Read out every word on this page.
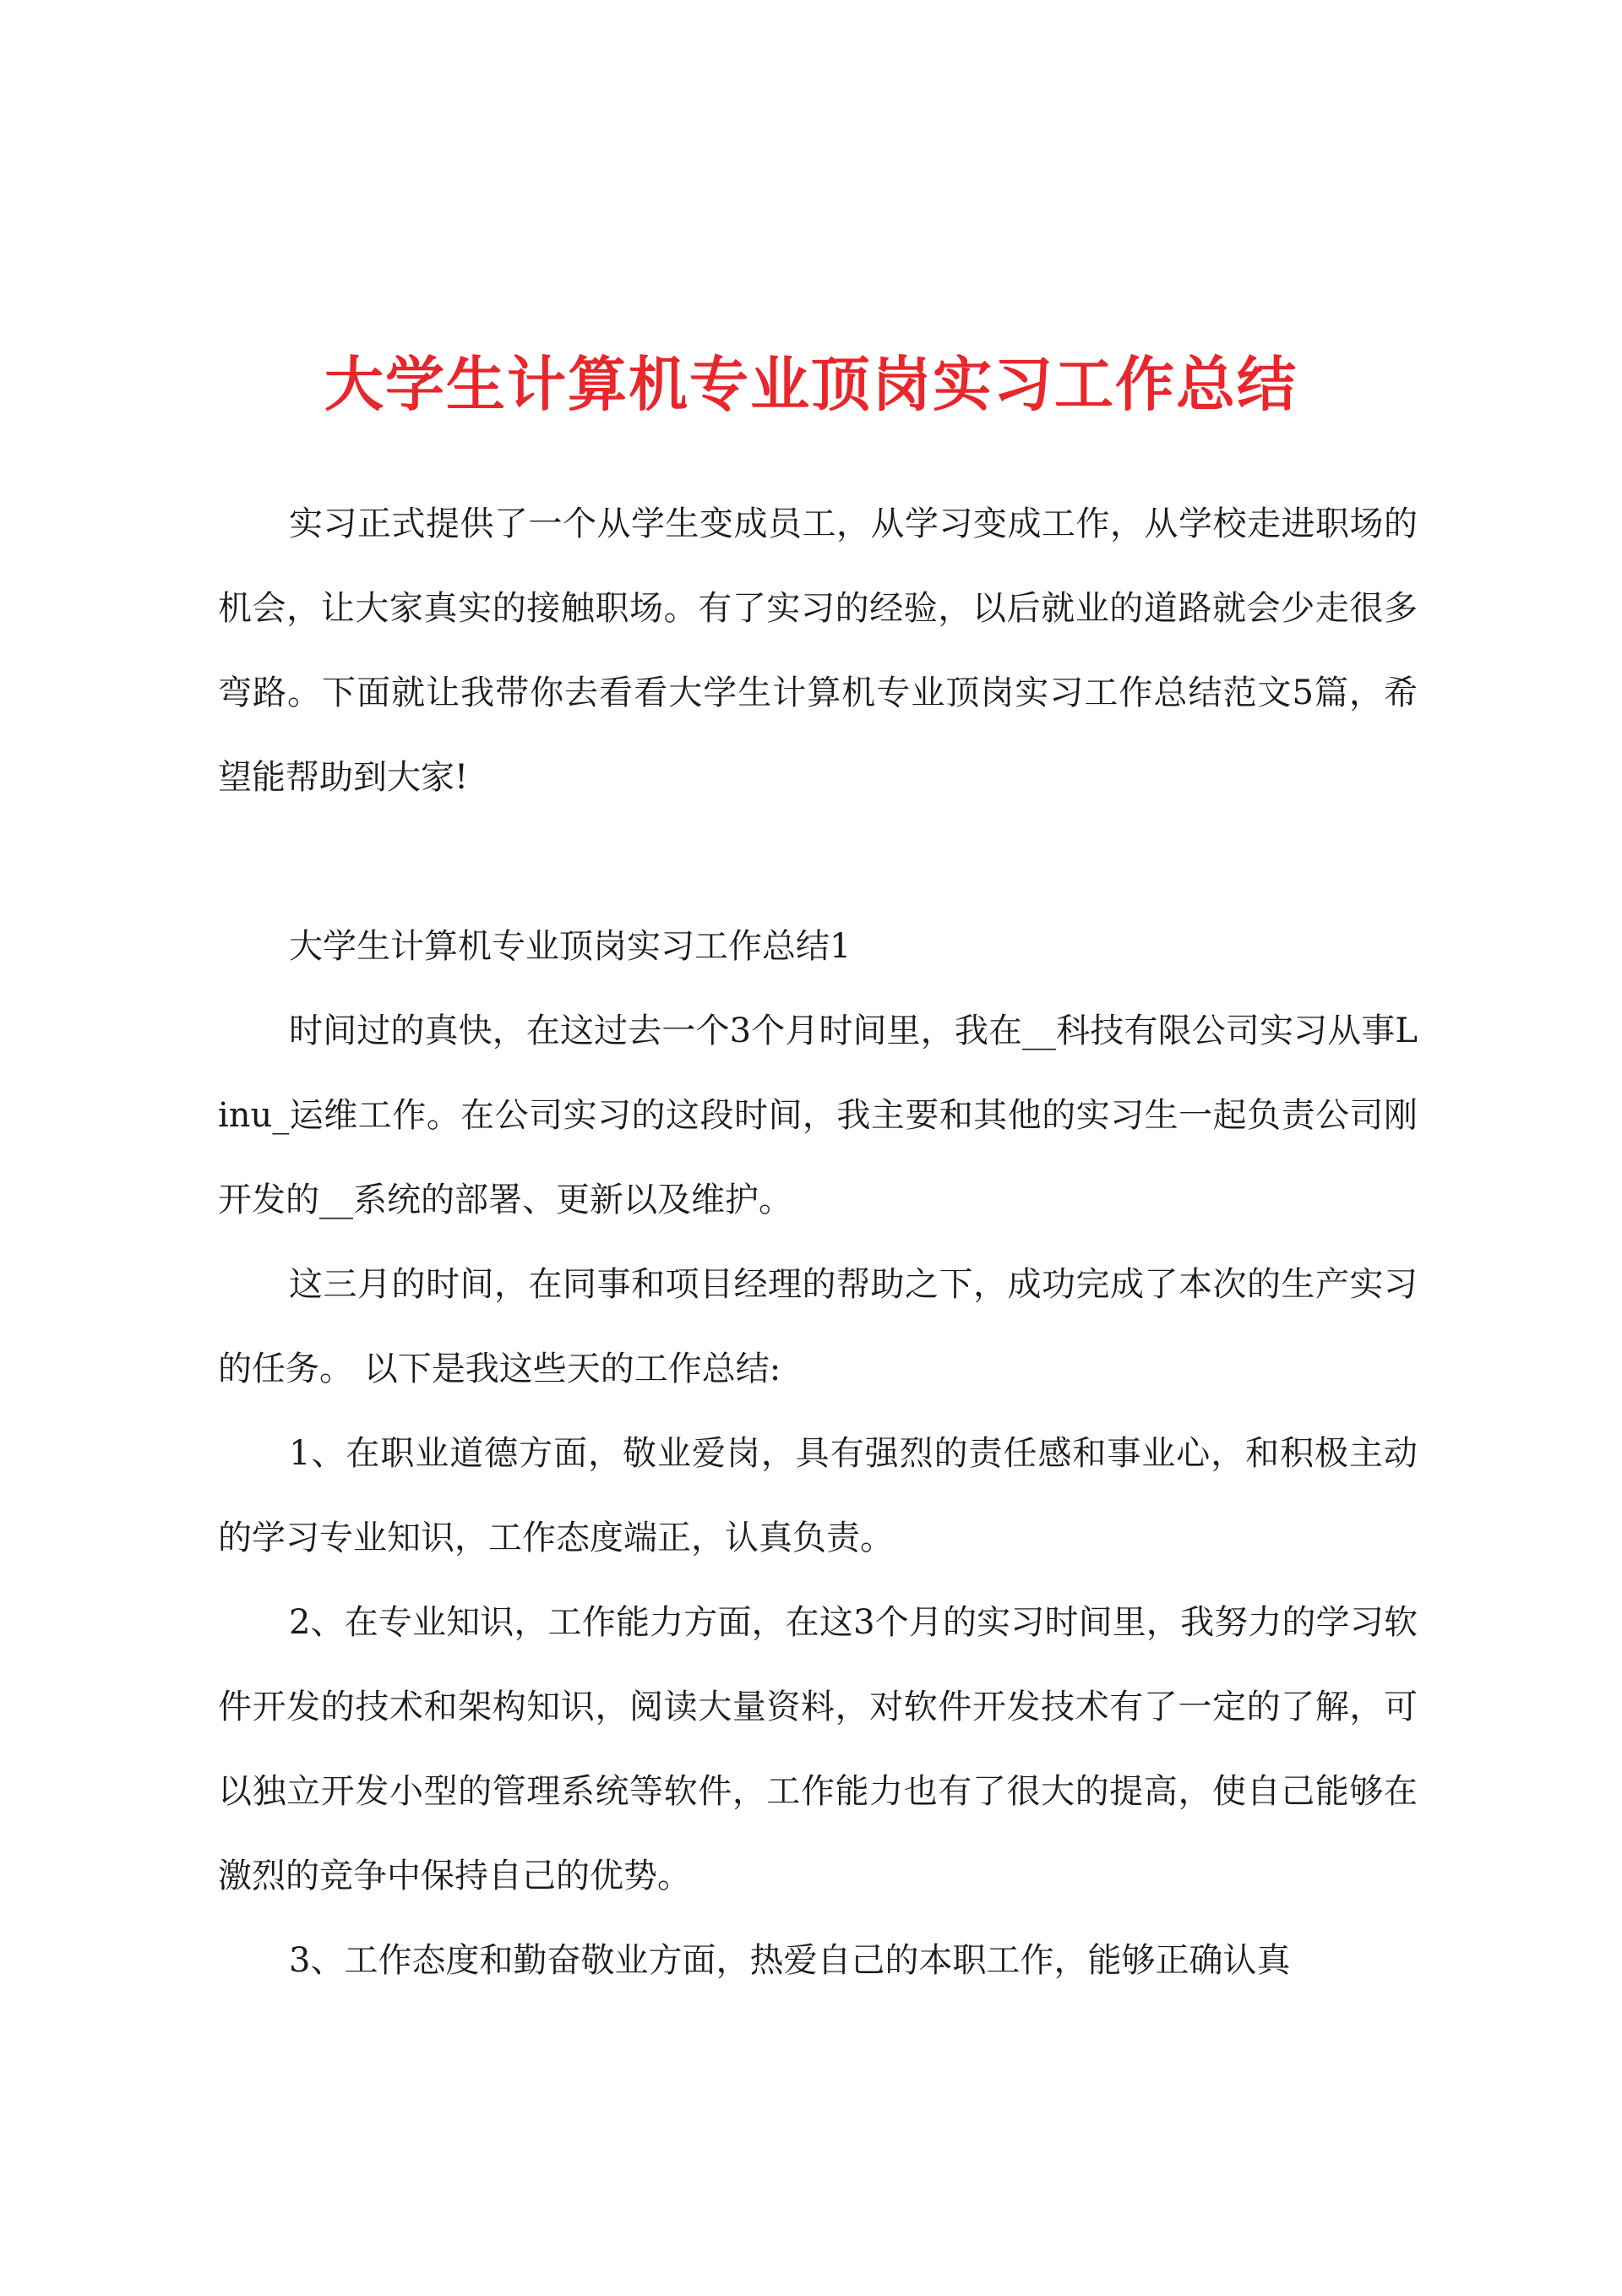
大学生计算机专业顶岗实习工作总结

实习正式提供了一个从学生变成员工，从学习变成工作，从学校走进职场的机会，让大家真实的接触职场。有了实习的经验，以后就业的道路就会少走很多弯路。下面就让我带你去看看大学生计算机专业顶岗实习工作总结范文5篇，希望能帮助到大家!

大学生计算机专业顶岗实习工作总结1

时间过的真快，在这过去一个3个月时间里，我在__科技有限公司实习从事Linu_运维工作。在公司实习的这段时间，我主要和其他的实习生一起负责公司刚开发的__系统的部署、更新以及维护。

这三月的时间，在同事和项目经理的帮助之下，成功完成了本次的生产实习的任务。 以下是我这些天的工作总结:

1、在职业道德方面，敬业爱岗，具有强烈的责任感和事业心，和积极主动的学习专业知识，工作态度端正，认真负责。

2、在专业知识，工作能力方面，在这3个月的实习时间里，我努力的学习软件开发的技术和架构知识，阅读大量资料，对软件开发技术有了一定的了解，可以独立开发小型的管理系统等软件，工作能力也有了很大的提高，使自己能够在激烈的竞争中保持自己的优势。

3、工作态度和勤奋敬业方面，热爱自己的本职工作，能够正确认真
